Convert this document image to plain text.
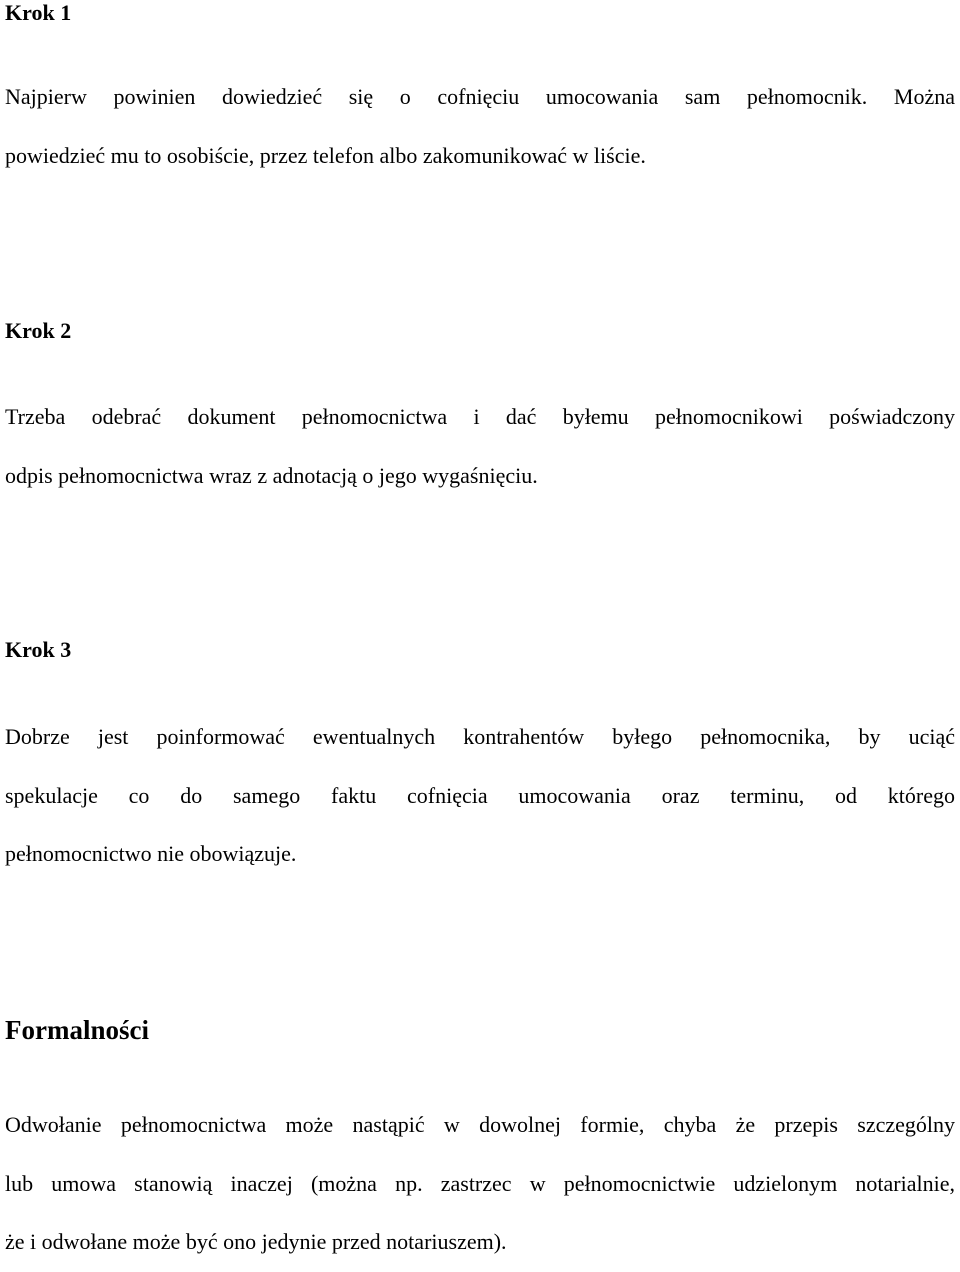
Krok 1
Najpierw powinien dowiedzieć się o cofnięciu umocowania sam pełnomocnik. Można
powiedzieć mu to osobiście, przez telefon albo zakomunikować w liście.
Krok 2
Trzeba odebrać dokument pełnomocnictwa i dać byłemu pełnomocnikowi poświadczony
odpis pełnomocnictwa wraz z adnotacją o jego wygaśnięciu.
Krok 3
Dobrze jest poinformować ewentualnych kontrahentów byłego pełnomocnika, by uciąć
spekulacje co do samego faktu cofnięcia umocowania oraz terminu, od którego
pełnomocnictwo nie obowiązuje.
Formalności
Odwołanie pełnomocnictwa może nastąpić w dowolnej formie, chyba że przepis szczególny
lub umowa stanowią inaczej (można np. zastrzec w pełnomocnictwie udzielonym notarialnie,
że i odwołane może być ono jedynie przed notariuszem).
